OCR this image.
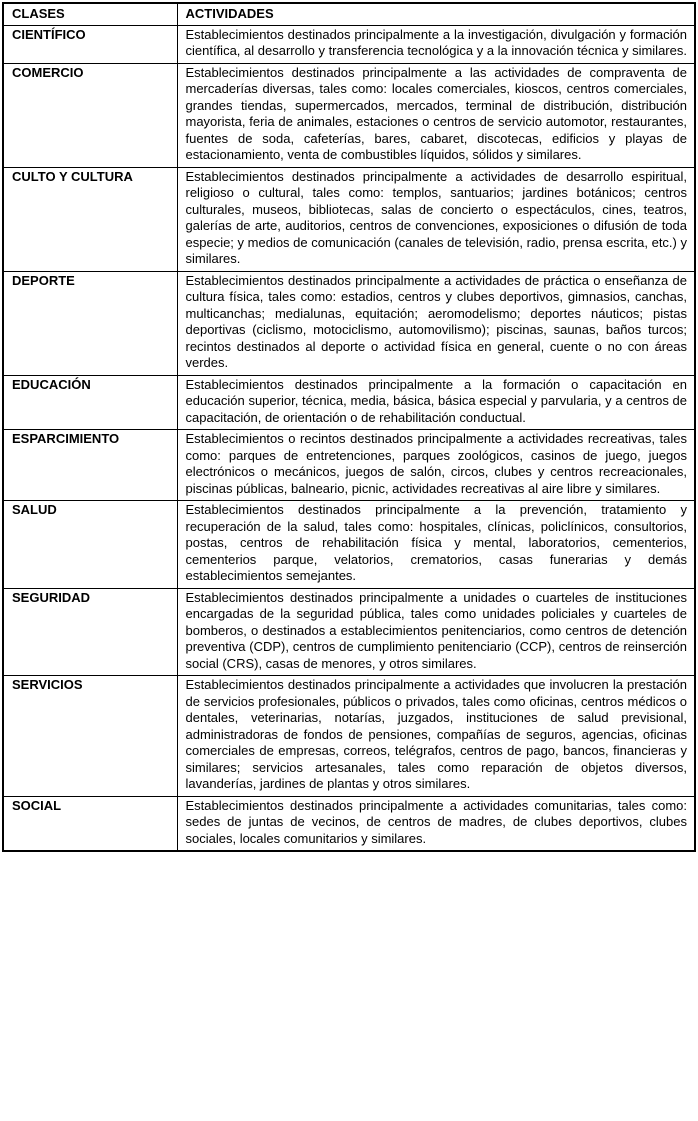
CLASES	ACTIVIDADES
CIENTÍFICO	Establecimientos destinados principalmente a la investigación, divulgación y formación científica, al desarrollo y transferencia tecnológica y a la innovación técnica y similares.
COMERCIO	Establecimientos destinados principalmente a las actividades de compraventa de mercaderías diversas, tales como: locales comerciales, kioscos, centros comerciales, grandes tiendas, supermercados, mercados, terminal de distribución, distribución mayorista, feria de animales, estaciones o centros de servicio automotor, restaurantes, fuentes de soda, cafeterías, bares, cabaret, discotecas, edificios y playas de estacionamiento, venta de combustibles líquidos, sólidos y similares.
CULTO Y CULTURA	Establecimientos destinados principalmente a actividades de desarrollo espiritual, religioso o cultural, tales como: templos, santuarios; jardines botánicos; centros culturales, museos, bibliotecas, salas de concierto o espectáculos, cines, teatros, galerías de arte, auditorios, centros de convenciones, exposiciones o difusión de toda especie; y medios de comunicación (canales de televisión, radio, prensa escrita, etc.) y similares.
DEPORTE	Establecimientos destinados principalmente a actividades de práctica o enseñanza de cultura física, tales como: estadios, centros y clubes deportivos, gimnasios, canchas, multicanchas; medialunas, equitación; aeromodelismo; deportes náuticos; pistas deportivas (ciclismo, motociclismo, automovilismo); piscinas, saunas, baños turcos; recintos destinados al deporte o actividad física en general, cuente o no con áreas verdes.
EDUCACIÓN	Establecimientos destinados principalmente a la formación o capacitación en educación superior, técnica, media, básica, básica especial y parvularia, y a centros de capacitación, de orientación o de rehabilitación conductual.
ESPARCIMIENTO	Establecimientos o recintos destinados principalmente a actividades recreativas, tales como: parques de entretenciones, parques zoológicos, casinos de juego, juegos electrónicos o mecánicos, juegos de salón, circos, clubes y centros recreacionales, piscinas públicas, balneario, picnic, actividades recreativas al aire libre y similares.
SALUD	Establecimientos destinados principalmente a la prevención, tratamiento y recuperación de la salud, tales como: hospitales, clínicas, policlínicos, consultorios, postas, centros de rehabilitación física y mental, laboratorios, cementerios, cementerios parque, velatorios, crematorios, casas funerarias y demás establecimientos semejantes.
SEGURIDAD	Establecimientos destinados principalmente a unidades o cuarteles de instituciones encargadas de la seguridad pública, tales como unidades policiales y cuarteles de bomberos, o destinados a establecimientos penitenciarios, como centros de detención preventiva (CDP), centros de cumplimiento penitenciario (CCP), centros de reinserción social (CRS), casas de menores, y otros similares.
SERVICIOS	Establecimientos destinados principalmente a actividades que involucren la prestación de servicios profesionales, públicos o privados, tales como oficinas, centros médicos o dentales, veterinarias, notarías, juzgados, instituciones de salud previsional, administradoras de fondos de pensiones, compañías de seguros, agencias, oficinas comerciales de empresas, correos, telégrafos, centros de pago, bancos, financieras y similares; servicios artesanales, tales como reparación de objetos diversos, lavanderías, jardines de plantas y otros similares.
SOCIAL	Establecimientos destinados principalmente a actividades comunitarias, tales como: sedes de juntas de vecinos, de centros de madres, de clubes deportivos, clubes sociales, locales comunitarios y similares.
